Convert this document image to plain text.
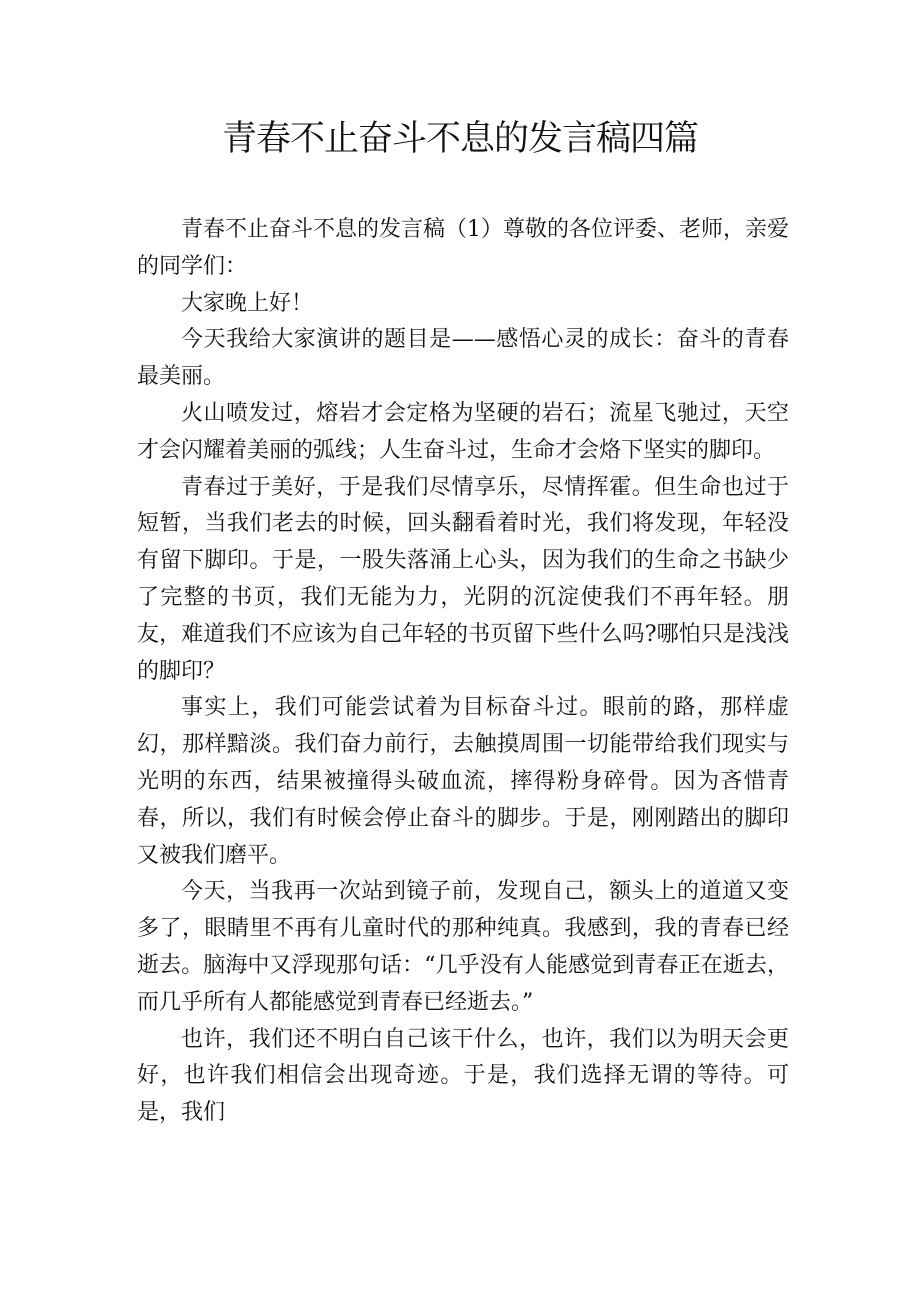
青春不止奋斗不息的发言稿四篇

青春不止奋斗不息的发言稿（1）尊敬的各位评委、老师，亲爱的同学们：

大家晚上好！

今天我给大家演讲的题目是——感悟心灵的成长：奋斗的青春最美丽。

火山喷发过，熔岩才会定格为坚硬的岩石；流星飞驰过，天空才会闪耀着美丽的弧线；人生奋斗过，生命才会烙下坚实的脚印。

青春过于美好，于是我们尽情享乐，尽情挥霍。但生命也过于短暂，当我们老去的时候，回头翻看着时光，我们将发现，年轻没有留下脚印。于是，一股失落涌上心头，因为我们的生命之书缺少了完整的书页，我们无能为力，光阴的沉淀使我们不再年轻。朋友，难道我们不应该为自己年轻的书页留下些什么吗?哪怕只是浅浅的脚印？

事实上，我们可能尝试着为目标奋斗过。眼前的路，那样虚幻，那样黯淡。我们奋力前行，去触摸周围一切能带给我们现实与光明的东西，结果被撞得头破血流，摔得粉身碎骨。因为吝惜青春，所以，我们有时候会停止奋斗的脚步。于是，刚刚踏出的脚印又被我们磨平。

今天，当我再一次站到镜子前，发现自己，额头上的道道又变多了，眼睛里不再有儿童时代的那种纯真。我感到，我的青春已经逝去。脑海中又浮现那句话：“几乎没有人能感觉到青春正在逝去，而几乎所有人都能感觉到青春已经逝去。”

也许，我们还不明白自己该干什么，也许，我们以为明天会更好，也许我们相信会出现奇迹。于是，我们选择无谓的等待。可是，我们
